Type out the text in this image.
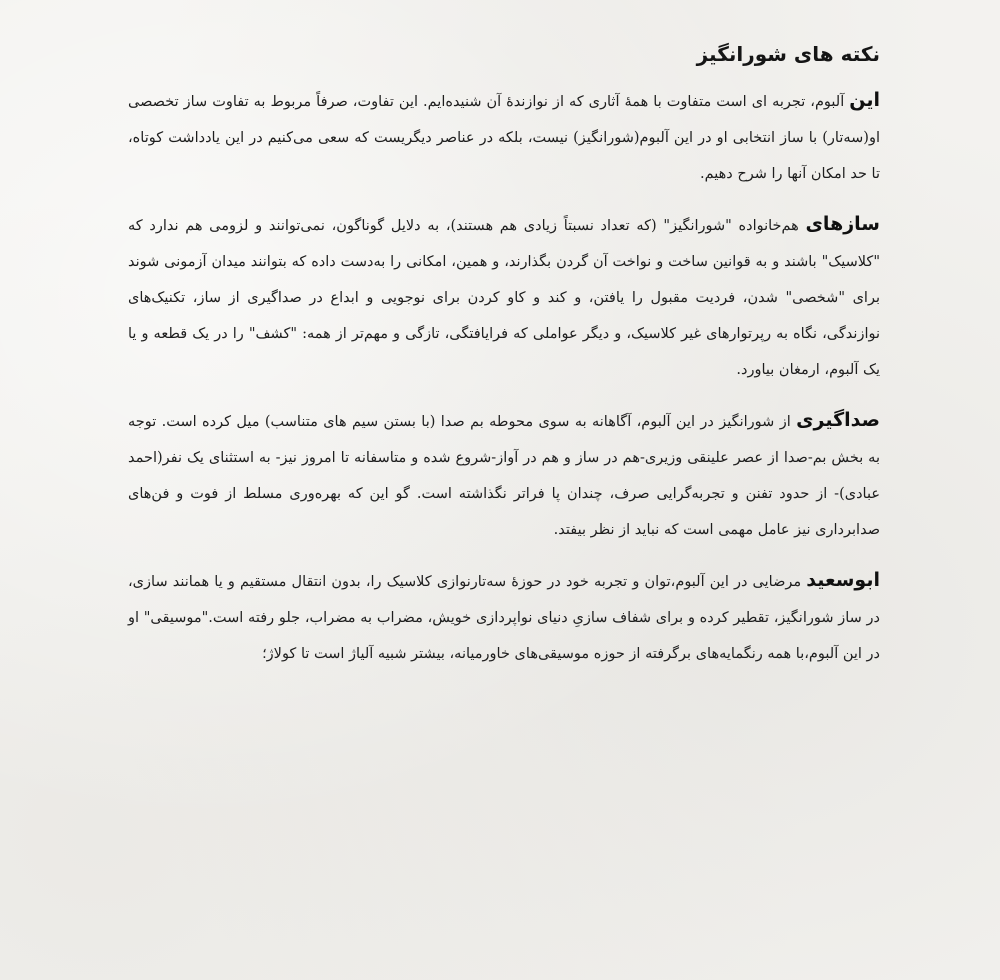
نکته های شورانگیز

این آلبوم، تجربه ای است متفاوت با همهٔ آثاری که از نوازندهٔ آن شنیده‌ایم. این تفاوت، صرفاً مربوط به تفاوت ساز تخصصی او(سه‌تار) با ساز انتخابی او در این آلبوم(شورانگیز) نیست، بلکه در عناصر دیگریست که سعی می‌کنیم در این یادداشت کوتاه، تا حد امکان آنها را شرح دهیم.

سازهای هم‌خانواده "شورانگیز" (که تعداد نسبتاً زیادی هم هستند)، به دلایل گوناگون، نمی‌توانند و لزومی هم ندارد که "کلاسیک" باشند و به قوانین ساخت و نواخت آن گردن بگذارند، و همین، امکانی را به‌دست داده که بتوانند میدان آزمونی شوند برای "شخصی" شدن، فردیت مقبول را یافتن، و کند و کاو کردن برای نوجویی و ابداع در صداگیری از ساز، تکنیک‌های نوازندگی، نگاه به رپرتوارهای غیر کلاسیک، و دیگر عواملی که فرایافتگی، تازگی و مهم‌تر از همه: "کشف" را در یک قطعه و یا یک آلبوم، ارمغان بیاورد.

صداگیری از شورانگیز در این آلبوم، آگاهانه به سوی محوطه بم صدا (با بستن سیم های متناسب) میل کرده است. توجه به بخش بم-صدا از عصر علینقی وزیری-هم در ساز و هم در آواز-شروع شده و متاسفانه تا امروز نیز- به استثنای یک نفر(احمد عبادی)- از حدود تفنن و تجربه‌گرایی صرف، چندان پا فراتر نگذاشته است. گو این که بهره‌وری مسلط از فوت و فن‌های صدابرداری نیز عامل مهمی است که نباید از نظر بیفتد.

ابوسعید مرضایی در این آلبوم،توان و تجربه خود در حوزهٔ سه‌تارنوازی کلاسیک را، بدون انتقال مستقیم و یا همانند سازی، در ساز شورانگیز، تقطیر کرده و برای شفاف سازیِ دنیای نواپردازی خویش، مضراب به مضراب، جلو رفته است."موسیقی" او در این آلبوم،با همه رنگمایه‌های برگرفته از حوزه موسیقی‌های خاورمیانه، بیشتر شبیه آلیاژ است تا کولاژ؛
